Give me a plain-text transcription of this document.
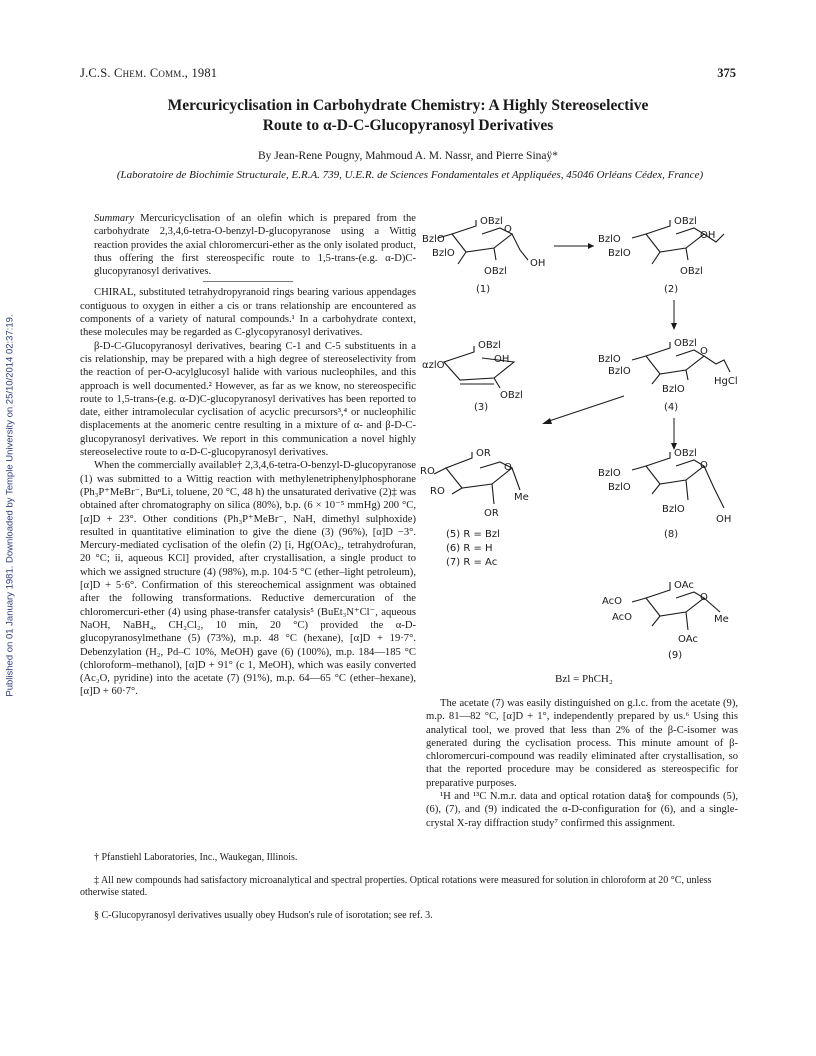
Published on 01 January 1981. Downloaded by Temple University on 25/10/2014 02:37:19.
J.C.S. Chem. Comm., 1981	375
Mercuricyclisation in Carbohydrate Chemistry: A Highly Stereoselective
Route to α-D-C-Glucopyranosyl Derivatives
By Jean-Rene Pougny, Mahmoud A. M. Nassr, and Pierre Sinaÿ*
(Laboratoire de Biochimie Structurale, E.R.A. 739, U.E.R. de Sciences Fondamentales et Appliquées, 45046 Orléans Cédex, France)

Summary Mercuricyclisation of an olefin which is prepared from the carbohydrate 2,3,4,6-tetra-O-benzyl-D-glucopyranose using a Wittig reaction provides the axial chloromercuri-ether as the only isolated product, thus offering the first stereospecific route to 1,5-trans-(e.g. α-D)C-glucopyranosyl derivatives.

CHIRAL, substituted tetrahydropyranoid rings bearing various appendages contiguous to oxygen in either a cis or trans relationship are encountered as components of a variety of natural compounds.¹ In a carbohydrate context, these molecules may be regarded as C-glycopyranosyl derivatives.

β-D-C-Glucopyranosyl derivatives, bearing C-1 and C-5 substituents in a cis relationship, may be prepared with a high degree of stereoselectivity from the reaction of per-O-acylglucosyl halide with various nucleophiles, and this approach is well documented.² However, as far as we know, no stereospecific route to 1,5-trans-(e.g. α-D)C-glucopyranosyl derivatives has been reported to date, either intramolecular cyclisation of acyclic precursors³,⁴ or nucleophilic displacements at the anomeric centre resulting in a mixture of α- and β-D-C-glucopyranosyl derivatives. We report in this communication a novel highly stereoselective route to α-D-C-glucopyranosyl derivatives.

When the commercially available† 2,3,4,6-tetra-O-benzyl-D-glucopyranose (1) was submitted to a Wittig reaction with methylenetriphenylphosphorane (Ph₃P⁺MeBr⁻, BuⁿLi, toluene, 20 °C, 48 h) the unsaturated derivative (2)‡ was obtained after chromatography on silica (80%), b.p. (6 × 10⁻⁵ mmHg) 200 °C, [α]D + 23°. Other conditions (Ph₃P⁺MeBr⁻, NaH, dimethyl sulphoxide) resulted in quantitative elimination to give the diene (3) (96%), [α]D −3°. Mercury-mediated cyclisation of the olefin (2) [i, Hg(OAc)₂, tetrahydrofuran, 20 °C; ii, aqueous KCl] provided, after crystallisation, a single product to which we assigned structure (4) (98%), m.p. 104·5 °C (ether–light petroleum), [α]D + 5·6°. Confirmation of this stereochemical assignment was obtained after the following transformations. Reductive demercuration of the chloromercuri-ether (4) using phase-transfer catalysis⁵ (BuEt₃N⁺Cl⁻, aqueous NaOH, NaBH₄, CH₂Cl₂, 10 min, 20 °C) provided the α-D-glucopyranosylmethane (5) (73%), m.p. 48 °C (hexane), [α]D + 19·7°. Debenzylation (H₂, Pd–C 10%, MeOH) gave (6) (100%), m.p. 184—185 °C (chloroform–methanol), [α]D + 91° (c 1, MeOH), which was easily converted (Ac₂O, pyridine) into the acetate (7) (91%), m.p. 64—65 °C (ether–hexane), [α]D + 60·7°.

OBzl
O
BzlO
BzlO
OH
OBzl
(1)
OBzl
OH
BzlO
BzlO
OBzl
(2)
OBzl
OH
αzlO
OBzl
(3)
OBzl
O
BzlO
BzlO
BzlO
HgCl
(4)
OR
O
RO
RO
OR
Me
(5) R = Bzl
(6) R = H
(7) R = Ac
OBzl
O
BzlO
BzlO
BzlO
OH
(8)
OAc
O
AcO
AcO	Me
OAc
(9)
Bzl = PhCH₂

The acetate (7) was easily distinguished on g.l.c. from the acetate (9), m.p. 81—82 °C, [α]D + 1°, independently prepared by us.⁶ Using this analytical tool, we proved that less than 2% of the β-C-isomer was generated during the cyclisation process. This minute amount of β-chloromercuri-compound was readily eliminated after crystallisation, so that the reported procedure may be considered as stereospecific for preparative purposes.

¹H and ¹³C N.m.r. data and optical rotation data§ for compounds (5), (6), (7), and (9) indicated the α-D-configuration for (6), and a single-crystal X-ray diffraction study⁷ confirmed this assignment.

† Pfanstiehl Laboratories, Inc., Waukegan, Illinois.

‡ All new compounds had satisfactory microanalytical and spectral properties. Optical rotations were measured for solution in chloroform at 20 °C, unless otherwise stated.

§ C-Glucopyranosyl derivatives usually obey Hudson's rule of isorotation; see ref. 3.
